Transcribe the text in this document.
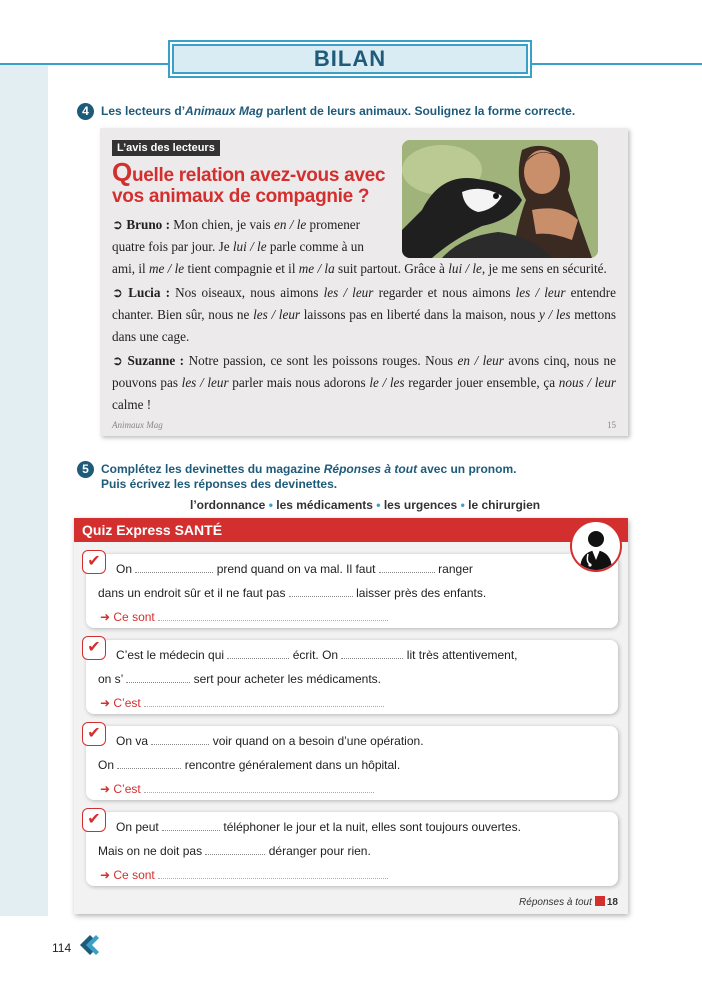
BILAN
4	Les lecteurs d’Animaux Mag parlent de leurs animaux. Soulignez la forme correcte.
L’avis des lecteurs
Quelle relation avez-vous avec
vos animaux de compagnie ?
➲ Bruno : Mon chien, je vais en / le promener
quatre fois par jour. Je lui / le parle comme à un
ami, il me / le tient compagnie et il me / la suit partout. Grâce à lui / le, je me sens en sécurité.
➲ Lucia : Nos oiseaux, nous aimons les / leur regarder et nous aimons les / leur entendre chanter. Bien sûr, nous ne les / leur laissons pas en liberté dans la maison, nous y / les mettons dans une cage.
➲ Suzanne : Notre passion, ce sont les poissons rouges. Nous en / leur avons cinq, nous ne pouvons pas les / leur parler mais nous adorons le / les regarder jouer ensemble, ça nous / leur calme !
Animaux Mag	15
5	Complétez les devinettes du magazine Réponses à tout avec un pronom.
Puis écrivez les réponses des devinettes.
l’ordonnance • les médicaments • les urgences • le chirurgien
Quiz Express SANTÉ
✔	On	prend quand on va mal. Il faut	ranger
dans un endroit sûr et il ne faut pas	laisser près des enfants.
➜ Ce sont
✔	C’est le médecin qui	écrit. On	lit très attentivement,
on s’	sert pour acheter les médicaments.
➜ C’est
✔	On va	voir quand on a besoin d’une opération.
On	rencontre généralement dans un hôpital.
➜ C’est
✔	On peut	téléphoner le jour et la nuit, elles sont toujours ouvertes.
Mais on ne doit pas	déranger pour rien.
➜ Ce sont
Réponses à tout 18
114
